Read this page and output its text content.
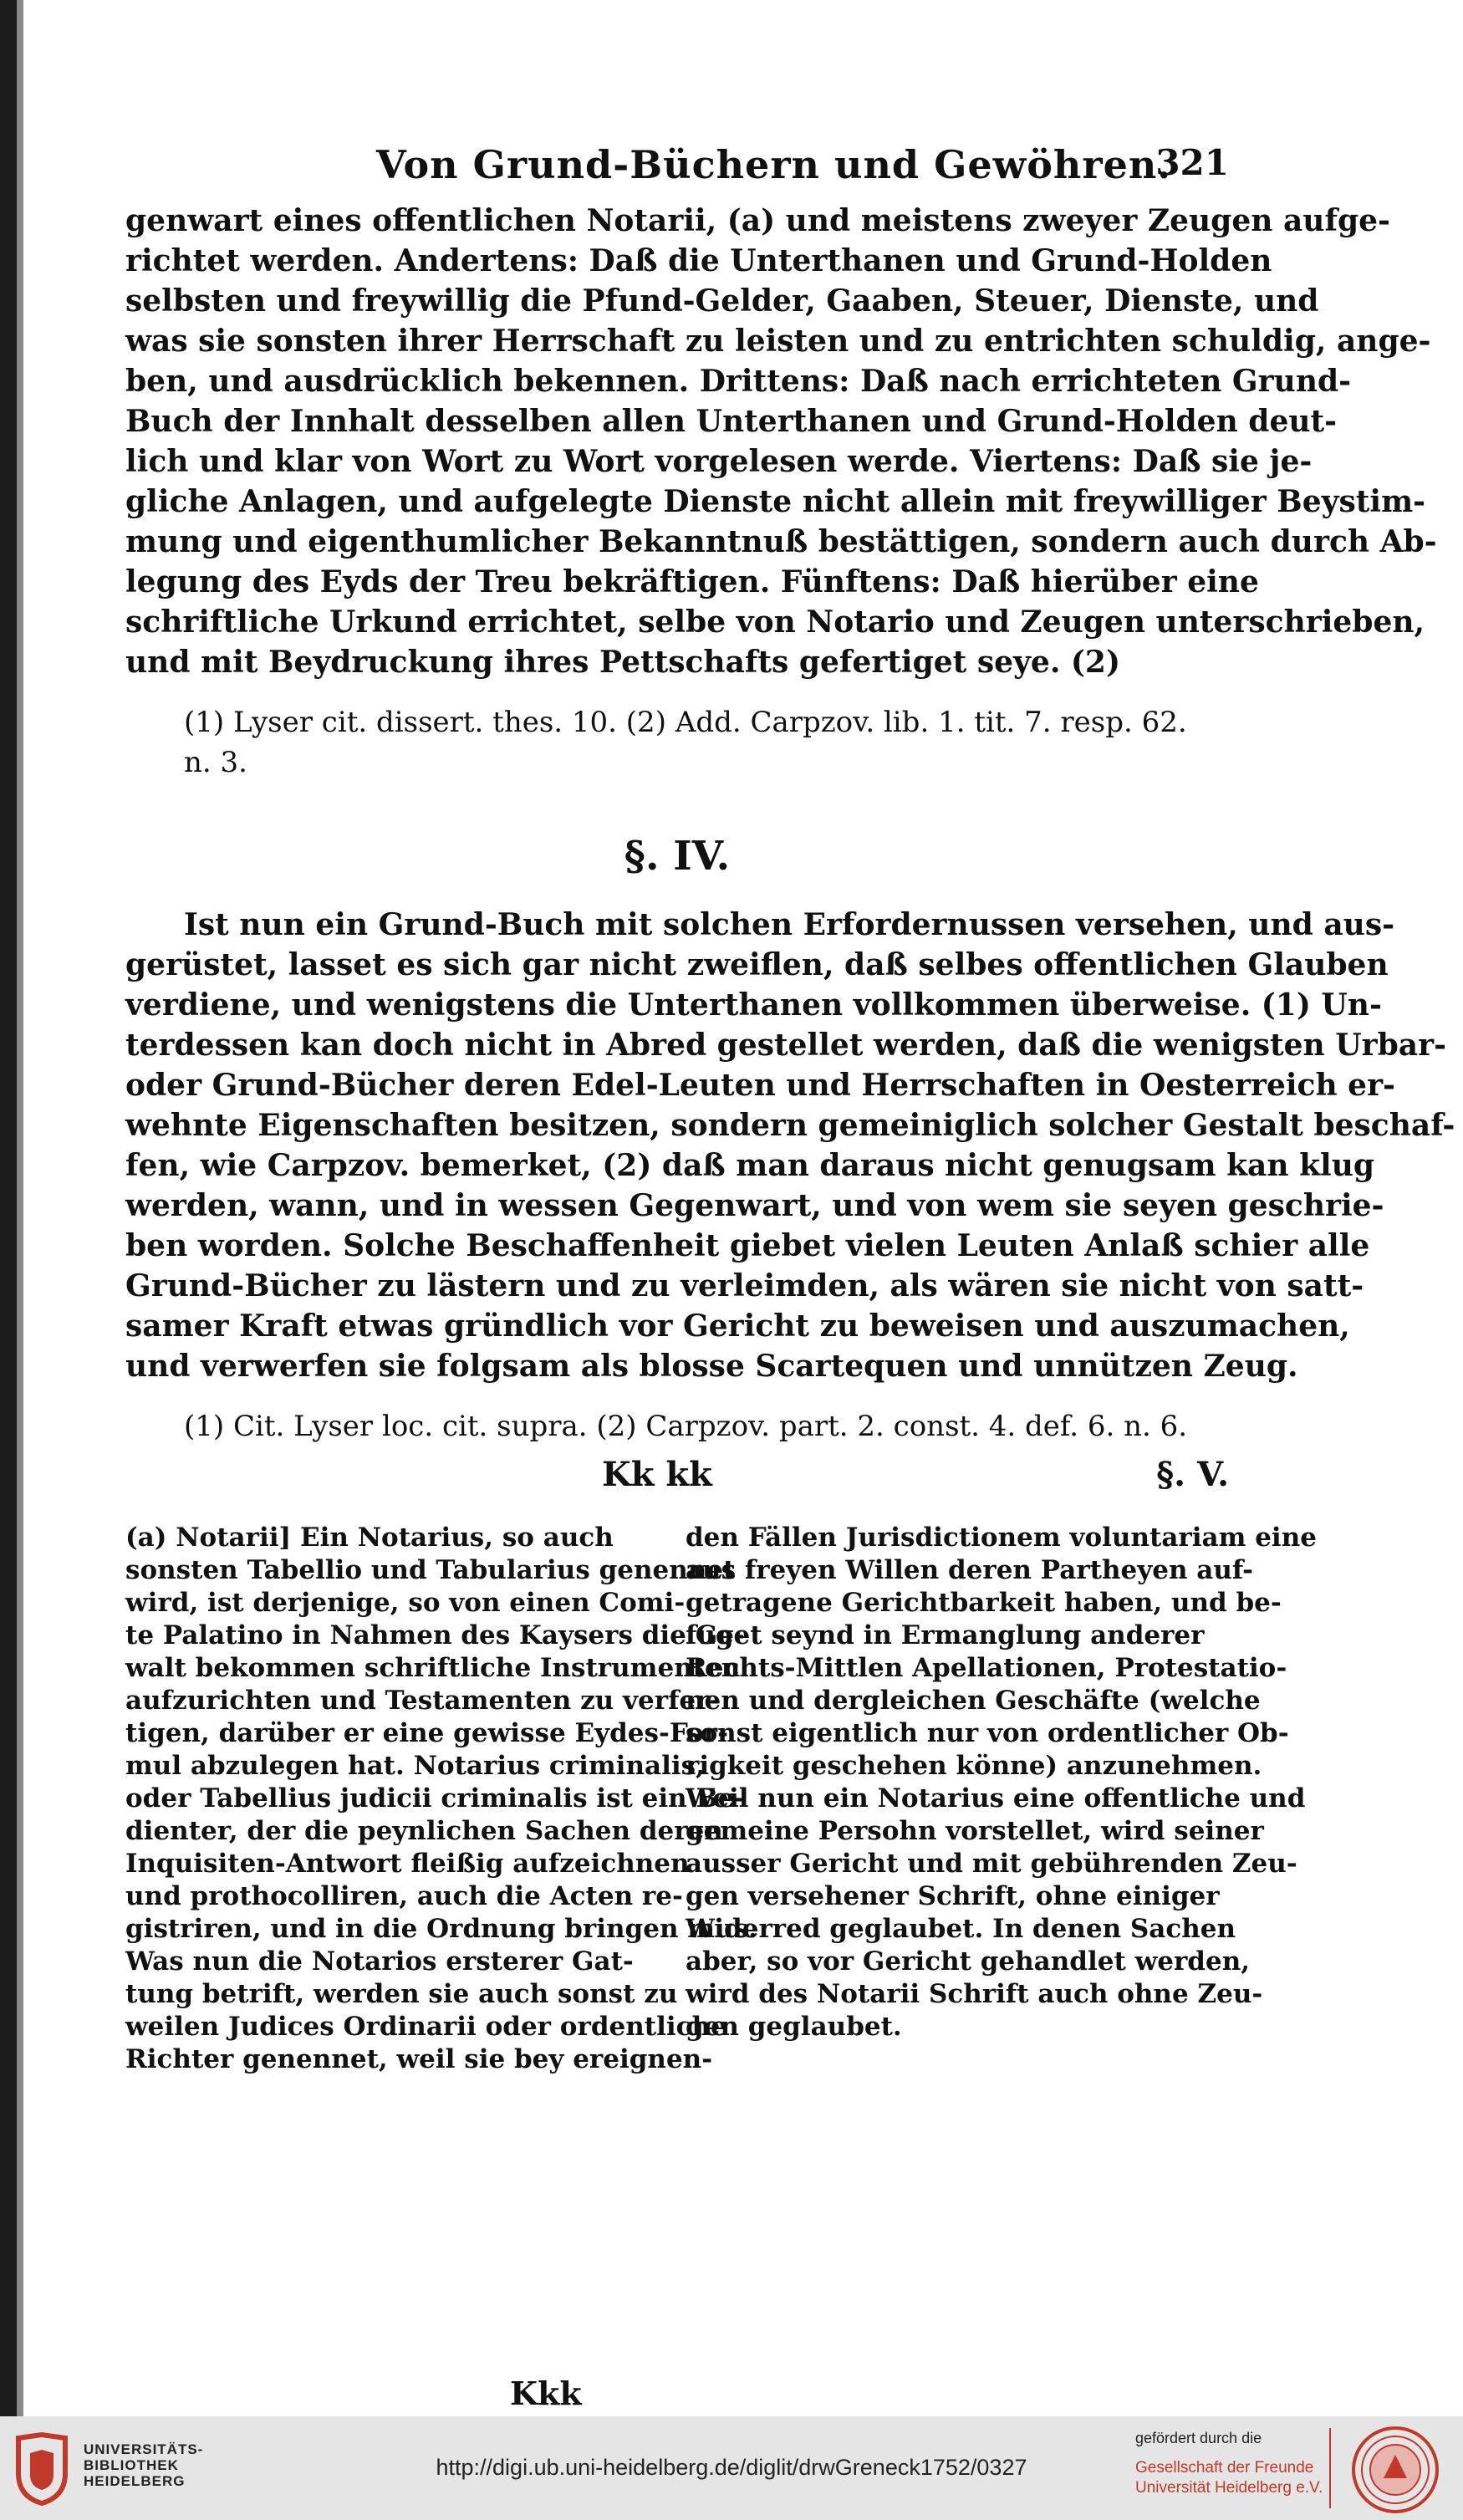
Von Grund-Büchern und Gewöhren.
321
genwart eines offentlichen Notarii, (a) und meistens zweyer Zeugen aufge-
richtet werden. Andertens: Daß die Unterthanen und Grund-Holden
selbsten und freywillig die Pfund-Gelder, Gaaben, Steuer, Dienste, und
was sie sonsten ihrer Herrschaft zu leisten und zu entrichten schuldig, ange-
ben, und ausdrücklich bekennen. Drittens: Daß nach errichteten Grund-
Buch der Innhalt desselben allen Unterthanen und Grund-Holden deut-
lich und klar von Wort zu Wort vorgelesen werde. Viertens: Daß sie je-
gliche Anlagen, und aufgelegte Dienste nicht allein mit freywilliger Beystim-
mung und eigenthumlicher Bekanntnuß bestättigen, sondern auch durch Ab-
legung des Eyds der Treu bekräftigen. Fünftens: Daß hierüber eine
schriftliche Urkund errichtet, selbe von Notario und Zeugen unterschrieben,
und mit Beydruckung ihres Pettschafts gefertiget seye. (2)
(1) Lyser cit. dissert. thes. 10. (2) Add. Carpzov. lib. 1. tit. 7. resp. 62.
n. 3.
§. IV.
Ist nun ein Grund-Buch mit solchen Erfordernussen versehen, und aus-
gerüstet, lasset es sich gar nicht zweiflen, daß selbes offentlichen Glauben
verdiene, und wenigstens die Unterthanen vollkommen überweise. (1) Un-
terdessen kan doch nicht in Abred gestellet werden, daß die wenigsten Urbar-
oder Grund-Bücher deren Edel-Leuten und Herrschaften in Oesterreich er-
wehnte Eigenschaften besitzen, sondern gemeiniglich solcher Gestalt beschaf-
fen, wie Carpzov. bemerket, (2) daß man daraus nicht genugsam kan klug
werden, wann, und in wessen Gegenwart, und von wem sie seyen geschrie-
ben worden. Solche Beschaffenheit giebet vielen Leuten Anlaß schier alle
Grund-Bücher zu lästern und zu verleimden, als wären sie nicht von satt-
samer Kraft etwas gründlich vor Gericht zu beweisen und auszumachen,
und verwerfen sie folgsam als blosse Scartequen und unnützen Zeug.
(1) Cit. Lyser loc. cit. supra. (2) Carpzov. part. 2. const. 4. def. 6. n. 6.
Kk kk	§. V.
(a) Notarii] Ein Notarius, so auch
sonsten Tabellio und Tabularius genennet
wird, ist derjenige, so von einen Comi-
te Palatino in Nahmen des Kaysers die Ge-
walt bekommen schriftliche Instrumenten
aufzurichten und Testamenten zu verfer-
tigen, darüber er eine gewisse Eydes-For-
mul abzulegen hat. Notarius criminalis,
oder Tabellius judicii criminalis ist ein Be-
dienter, der die peynlichen Sachen deren
Inquisiten-Antwort fleißig aufzeichnen
und prothocolliren, auch die Acten re-
gistriren, und in die Ordnung bringen mus.
Was nun die Notarios ersterer Gat-
tung betrift, werden sie auch sonst zu
weilen Judices Ordinarii oder ordentliche
Richter genennet, weil sie bey ereignen-
den Fällen Jurisdictionem voluntariam eine
aus freyen Willen deren Partheyen auf-
getragene Gerichtbarkeit haben, und be-
fuget seynd in Ermanglung anderer
Rechts-Mittlen Apellationen, Protestatio-
nen und dergleichen Geschäfte (welche
sonst eigentlich nur von ordentlicher Ob-
rigkeit geschehen könne) anzunehmen.
Weil nun ein Notarius eine offentliche und
gemeine Persohn vorstellet, wird seiner
ausser Gericht und mit gebührenden Zeu-
gen versehener Schrift, ohne einiger
Widerred geglaubet. In denen Sachen
aber, so vor Gericht gehandlet werden,
wird des Notarii Schrift auch ohne Zeu-
gen geglaubet.
Kkk
UNIVERSITÄTS-
BIBLIOTHEK
HEIDELBERG
http://digi.ub.uni-heidelberg.de/diglit/drwGreneck1752/0327
gefördert durch die
Gesellschaft der Freunde
Universität Heidelberg e.V.
